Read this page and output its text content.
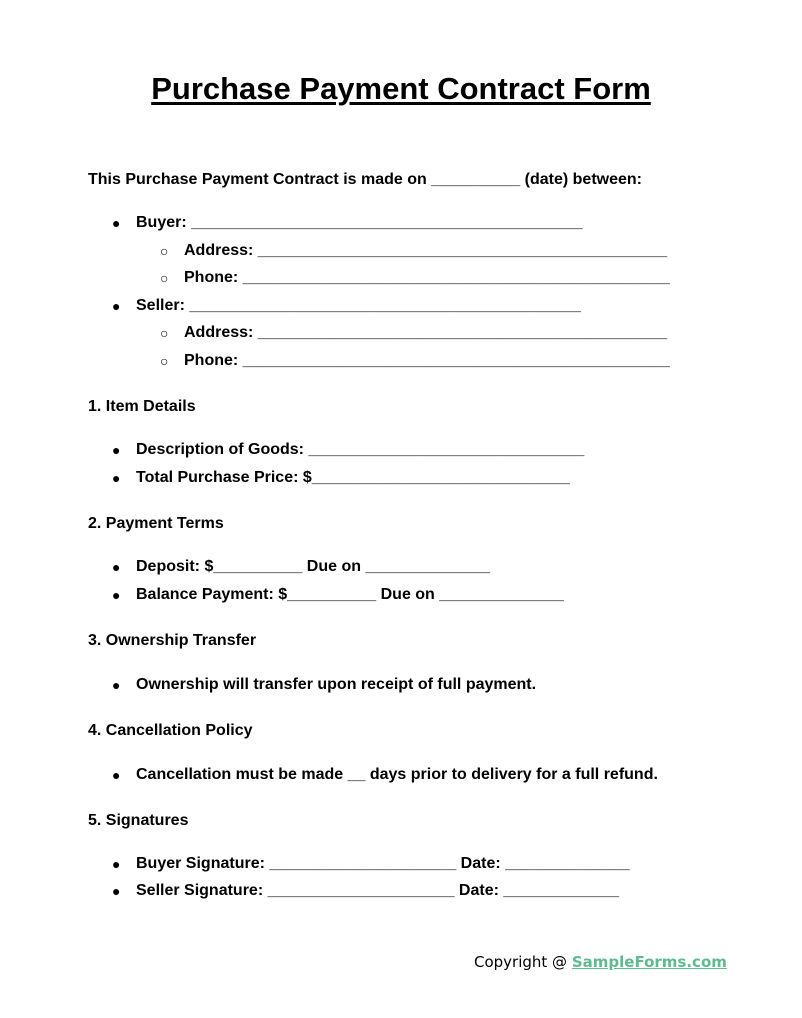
Purchase Payment Contract Form
This Purchase Payment Contract is made on __________ (date) between:
● Buyer: ____________________________________________
○ Address: ______________________________________________
○ Phone: ________________________________________________
● Seller: ____________________________________________
○ Address: ______________________________________________
○ Phone: ________________________________________________
1. Item Details
● Description of Goods: _______________________________
● Total Purchase Price: $_____________________________
2. Payment Terms
● Deposit: $__________ Due on ______________
● Balance Payment: $__________ Due on ______________
3. Ownership Transfer
● Ownership will transfer upon receipt of full payment.
4. Cancellation Policy
● Cancellation must be made __ days prior to delivery for a full refund.
5. Signatures
● Buyer Signature: _____________________ Date: ______________
● Seller Signature: _____________________ Date: _____________
Copyright @ SampleForms.com
